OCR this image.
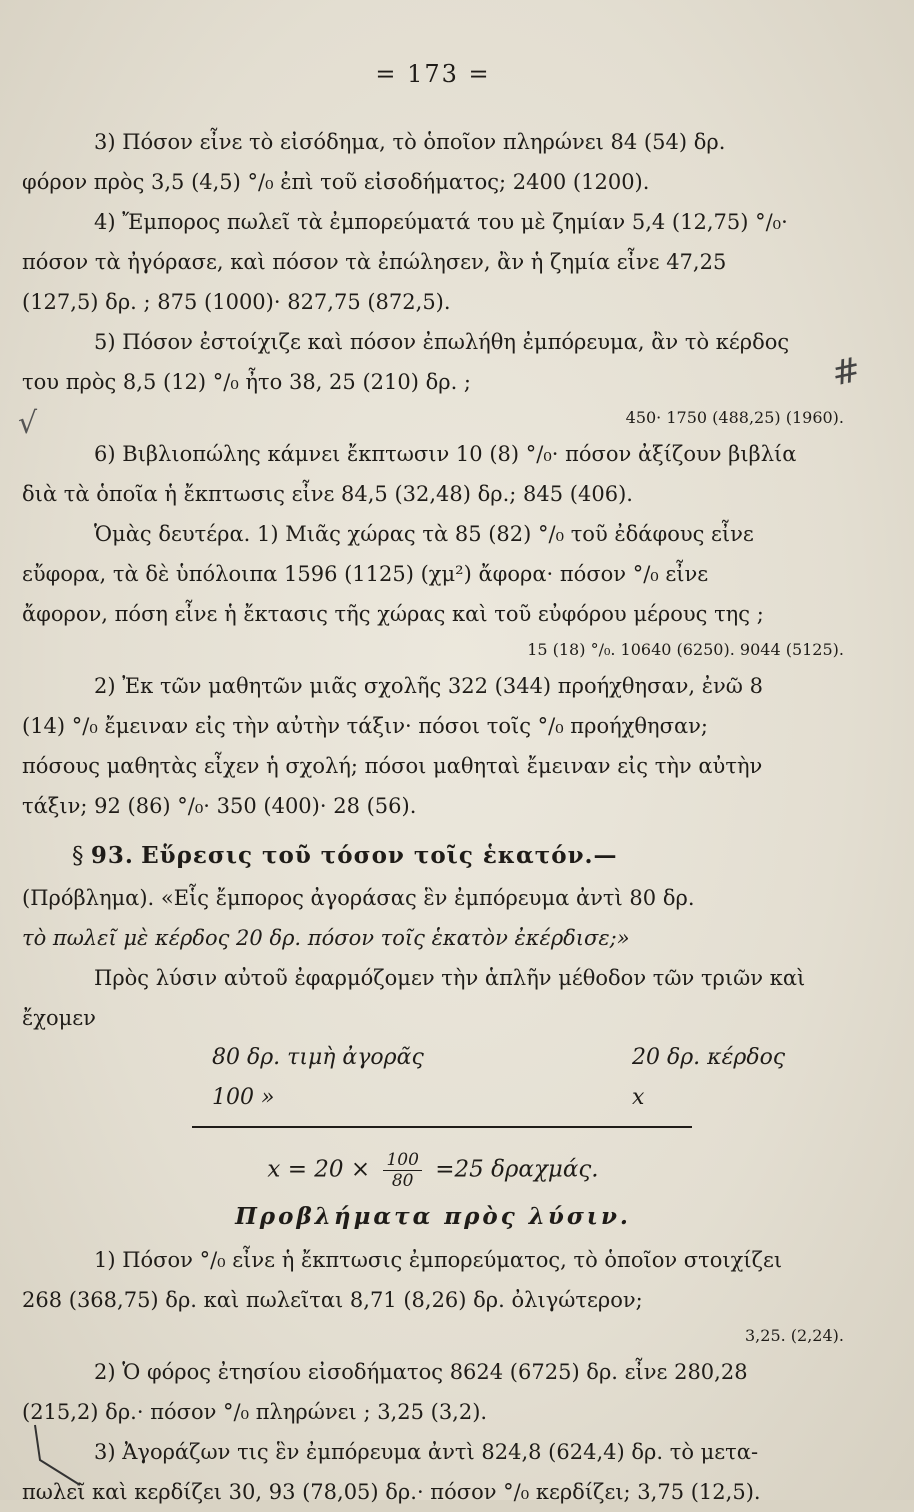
= 173 =
3) Πόσον εἶνε τὸ εἰσόδημα, τὸ ὁποῖον πληρώνει 84 (54) δρ.
φόρον πρὸς 3,5 (4,5) °/₀ ἐπὶ τοῦ εἰσοδήματος; 2400 (1200).
4) Ἔμπορος πωλεῖ τὰ ἐμπορεύματά του μὲ ζημίαν 5,4 (12,75) °/₀·
πόσον τὰ ἠγόρασε, καὶ πόσον τὰ ἐπώλησεν, ἂν ἡ ζημία εἶνε 47,25
(127,5) δρ. ; 875 (1000)· 827,75 (872,5).
5) Πόσον ἐστοίχιζε καὶ πόσον ἐπωλήθη ἐμπόρευμα, ἂν τὸ κέρδος
του πρὸς 8,5 (12) °/₀ ἦτο 38, 25 (210) δρ. ;
450· 1750 (488,25) (1960).
6) Βιβλιοπώλης κάμνει ἔκπτωσιν 10 (8) °/₀· πόσον ἀξίζουν βιβλία
διὰ τὰ ὁποῖα ἡ ἔκπτωσις εἶνε 84,5 (32,48) δρ.; 845 (406).
Ὁμὰς δευτέρα. 1) Μιᾶς χώρας τὰ 85 (82) °/₀ τοῦ ἐδάφους εἶνε
εὔφορα, τὰ δὲ ὑπόλοιπα 1596 (1125) (χμ²) ἄφορα· πόσον °/₀ εἶνε
ἄφορον, πόση εἶνε ἡ ἔκτασις τῆς χώρας καὶ τοῦ εὐφόρου μέρους της ;
15 (18) °/₀. 10640 (6250). 9044 (5125).
2) Ἐκ τῶν μαθητῶν μιᾶς σχολῆς 322 (344) προήχθησαν, ἐνῶ 8
(14) °/₀ ἔμειναν εἰς τὴν αὐτὴν τάξιν· πόσοι τοῖς °/₀ προήχθησαν;
πόσους μαθητὰς εἶχεν ἡ σχολή; πόσοι μαθηταὶ ἔμειναν εἰς τὴν αὐτὴν
τάξιν; 92 (86) °/₀· 350 (400)· 28 (56).
§ 93. Εὕρεσις τοῦ τόσον τοῖς ἑκατόν.—
(Πρόβλημα). «Εἷς ἔμπορος ἀγοράσας ἓν ἐμπόρευμα ἀντὶ 80 δρ.
τὸ πωλεῖ μὲ κέρδος 20 δρ. πόσον τοῖς ἑκατὸν ἐκέρδισε;»
Πρὸς λύσιν αὐτοῦ ἐφαρμόζομεν τὴν ἁπλῆν μέθοδον τῶν τριῶν καὶ
ἔχομεν
80 δρ. τιμὴ ἀγορᾶς	20 δρ. κέρδος
100 »	x
$x = 20 \times \frac{100}{80} =25$ δραχμάς.
Προβλήματα πρὸς λύσιν.
1) Πόσον °/₀ εἶνε ἡ ἔκπτωσις ἐμπορεύματος, τὸ ὁποῖον στοιχίζει
268 (368,75) δρ. καὶ πωλεῖται 8,71 (8,26) δρ. ὀλιγώτερον;
3,25. (2,24).
2) Ὁ φόρος ἐτησίου εἰσοδήματος 8624 (6725) δρ. εἶνε 280,28
(215,2) δρ.· πόσον °/₀ πληρώνει ; 3,25 (3,2).
3) Ἀγοράζων τις ἓν ἐμπόρευμα ἀντὶ 824,8 (624,4) δρ. τὸ μετα-
πωλεῖ καὶ κερδίζει 30, 93 (78,05) δρ.· πόσον °/₀ κερδίζει; 3,75 (12,5).
#
√
